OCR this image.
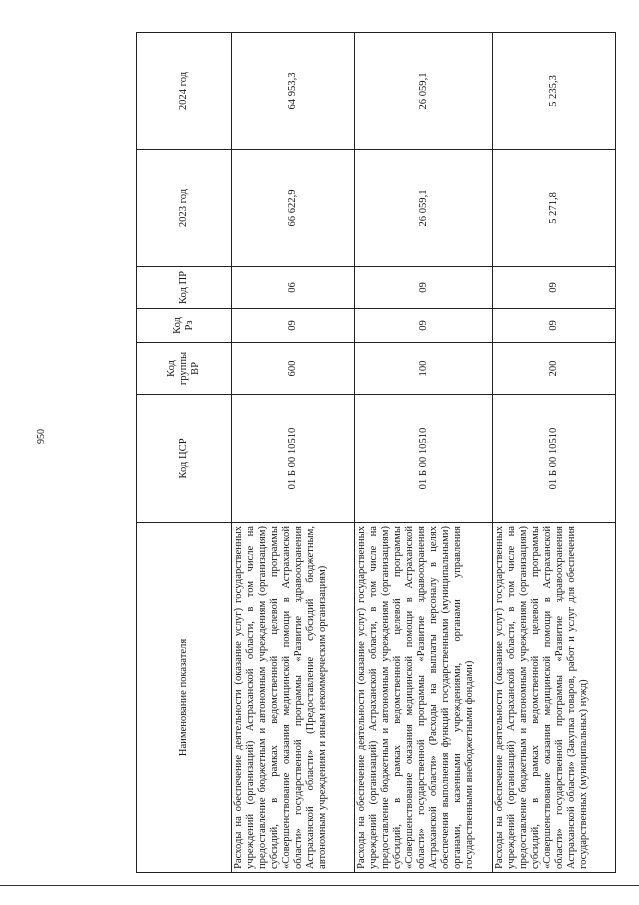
950
Наименование показателя	Код ЦСР	Код группы ВР	Код Рз	Код ПР	2023 год	2024 год
Расходы на обеспечение деятельности (оказание услуг) государственных учреждений (организаций) Астраханской области, в том числе на предоставление бюджетным и автономным учреждениям (организациям) субсидий, в рамках ведомственной целевой программы «Совершенствование оказания медицинской помощи в Астраханской области» государственной программы «Развитие здравоохранения Астраханской области» (Предоставление субсидий бюджетным, автономным учреждениям и иным некоммерческим организациям)	01 Б 00 10510	600	09	06	66 622,9	64 953,3
Расходы на обеспечение деятельности (оказание услуг) государственных учреждений (организаций) Астраханской области, в том числе на предоставление бюджетным и автономным учреждениям (организациям) субсидий, в рамках ведомственной целевой программы «Совершенствование оказания медицинской помощи в Астраханской области» государственной программы «Развитие здравоохранения Астраханской области» (Расходы на выплаты персоналу в целях обеспечения выполнения функций государственными (муниципальными) органами, казенными учреждениями, органами управления государственными внебюджетными фондами)	01 Б 00 10510	100	09	09	26 059,1	26 059,1
Расходы на обеспечение деятельности (оказание услуг) государственных учреждений (организаций) Астраханской области, в том числе на предоставление бюджетным и автономным учреждениям (организациям) субсидий, в рамках ведомственной целевой программы «Совершенствование оказания медицинской помощи в Астраханской области» государственной программы «Развитие здравоохранения Астраханской области» (Закупка товаров, работ и услуг для обеспечения государственных (муниципальных) нужд)	01 Б 00 10510	200	09	09	5 271,8	5 235,3
